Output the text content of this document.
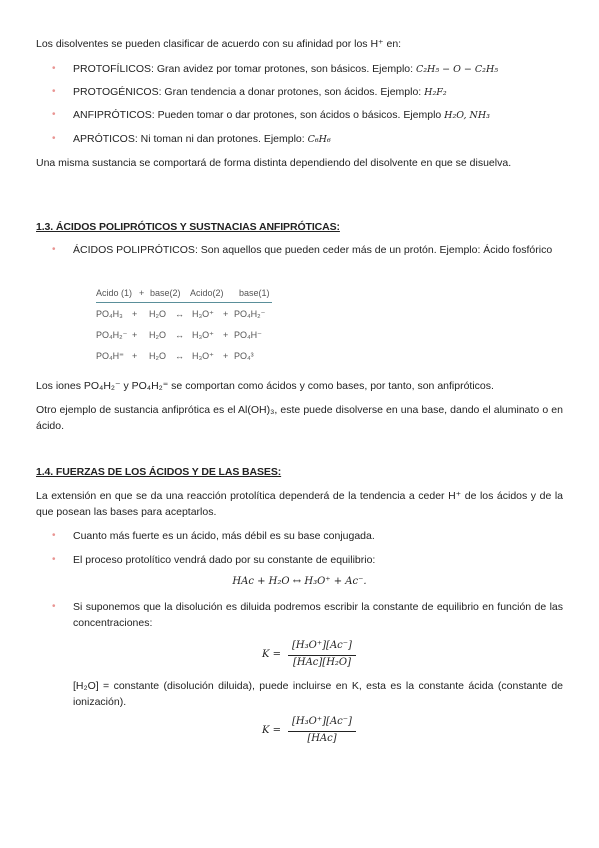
Los disolventes se pueden clasificar de acuerdo con su afinidad por los H⁺ en:
• PROTOFÍLICOS: Gran avidez por tomar protones, son básicos. Ejemplo: C₂H₅ − O − C₂H₅
• PROTOGÉNICOS: Gran tendencia a donar protones, son ácidos. Ejemplo: H₂F₂
• ANFIPRÓTICOS: Pueden tomar o dar protones, son ácidos o básicos. Ejemplo H₂O, NH₃
• APRÓTICOS: Ni toman ni dan protones. Ejemplo: C₆H₆
Una misma sustancia se comportará de forma distinta dependiendo del disolvente en que se disuelva.
1.3. ÁCIDOS POLIPRÓTICOS Y SUSTNACIAS ANFIPRÓTICAS:
• ÁCIDOS POLIPRÓTICOS: Son aquellos que pueden ceder más de un protón. Ejemplo: Ácido fosfórico
Acido (1) + base(2) Acido(2) base(1)
PO₄H₃ + H₂O ↔ H₃O⁺ + PO₄H₂⁻
PO₄H₂⁻ + H₂O ↔ H₃O⁺ + PO₄H⁻
PO₄H⁼ + H₂O ↔ H₃O⁺ + PO₄³
Los iones PO₄H₂⁻ y PO₄H₂⁼ se comportan como ácidos y como bases, por tanto, son anfipróticos.
Otro ejemplo de sustancia anfiprótica es el Al(OH)₃, este puede disolverse en una base, dando el aluminato o en ácido.
1.4. FUERZAS DE LOS ÁCIDOS Y DE LAS BASES:
La extensión en que se da una reacción protolítica dependerá de la tendencia a ceder H⁺ de los ácidos y de la que posean las bases para aceptarlos.
• Cuanto más fuerte es un ácido, más débil es su base conjugada.
• El proceso protolítico vendrá dado por su constante de equilibrio:
HAc + H₂O ↔ H₃O⁺ + Ac⁻.
• Si suponemos que la disolución es diluida podremos escribir la constante de equilibrio en función de las concentraciones:
K =
[H₃O⁺][Ac⁻]
[HAc][H₂O]
[H₂O] = constante (disolución diluida), puede incluirse en K, esta es la constante ácida (constante de ionización).
K =
[H₃O⁺][Ac⁻]
[HAc]
